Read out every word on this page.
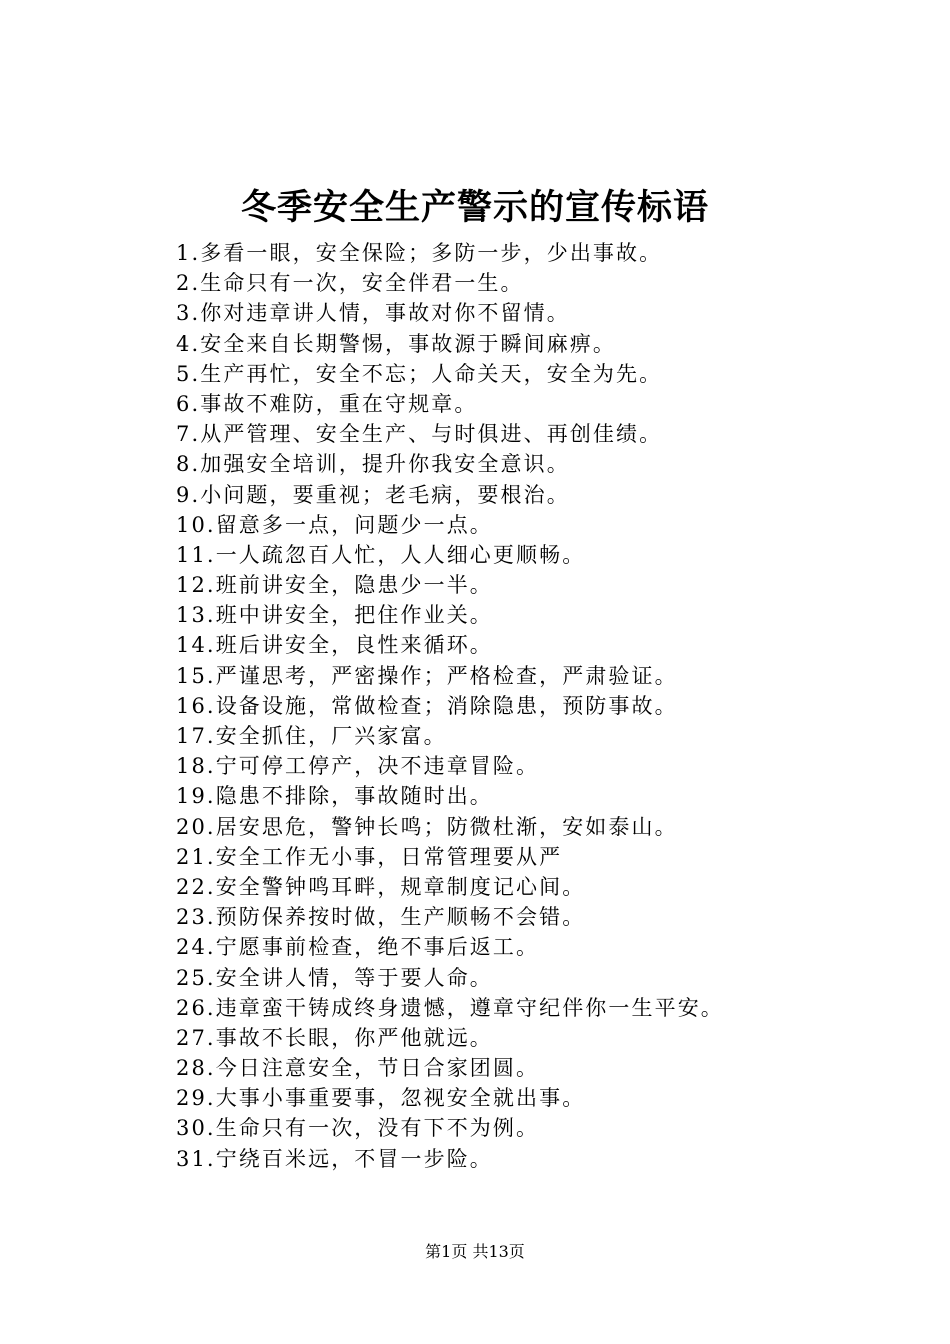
冬季安全生产警示的宣传标语
1.多看一眼，安全保险；多防一步，少出事故。
2.生命只有一次，安全伴君一生。
3.你对违章讲人情，事故对你不留情。
4.安全来自长期警惕，事故源于瞬间麻痹。
5.生产再忙，安全不忘；人命关天，安全为先。
6.事故不难防，重在守规章。
7.从严管理、安全生产、与时俱进、再创佳绩。
8.加强安全培训，提升你我安全意识。
9.小问题，要重视；老毛病，要根治。
10.留意多一点，问题少一点。
11.一人疏忽百人忙，人人细心更顺畅。
12.班前讲安全，隐患少一半。
13.班中讲安全，把住作业关。
14.班后讲安全，良性来循环。
15.严谨思考，严密操作；严格检查，严肃验证。
16.设备设施，常做检查；消除隐患，预防事故。
17.安全抓住，厂兴家富。
18.宁可停工停产，决不违章冒险。
19.隐患不排除，事故随时出。
20.居安思危，警钟长鸣；防微杜渐，安如泰山。
21.安全工作无小事，日常管理要从严
22.安全警钟鸣耳畔，规章制度记心间。
23.预防保养按时做，生产顺畅不会错。
24.宁愿事前检查，绝不事后返工。
25.安全讲人情，等于要人命。
26.违章蛮干铸成终身遗憾，遵章守纪伴你一生平安。
27.事故不长眼，你严他就远。
28.今日注意安全，节日合家团圆。
29.大事小事重要事，忽视安全就出事。
30.生命只有一次，没有下不为例。
31.宁绕百米远，不冒一步险。
第1页 共13页
